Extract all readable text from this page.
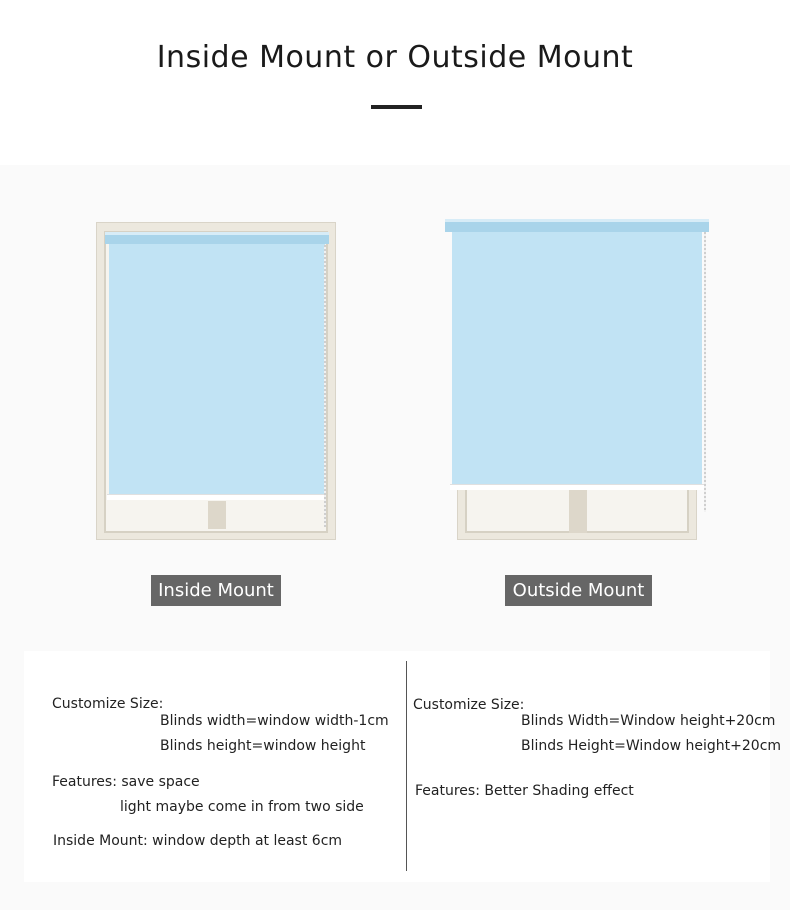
Inside Mount or Outside Mount
Inside Mount	Outside Mount
Customize Size:
Blinds width=window width-1cm
Blinds height=window height
Features: save space
light maybe come in from two side
Inside Mount: window depth at least 6cm
Customize Size:
Blinds Width=Window height+20cm
Blinds Height=Window height+20cm
Features: Better Shading effect
